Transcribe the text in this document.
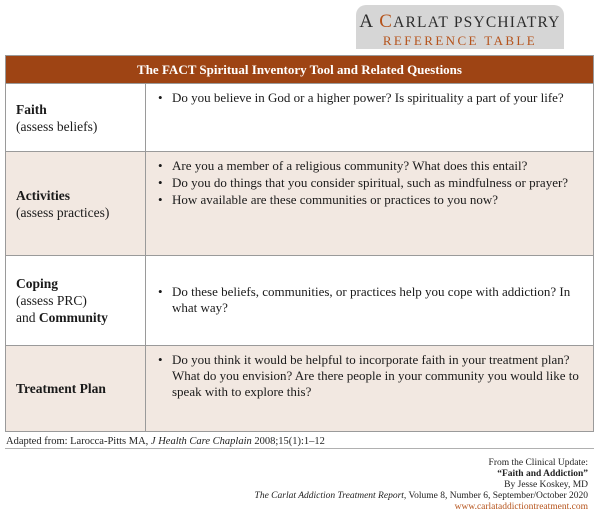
A CARLAT PSYCHIATRY
REFERENCE TABLE
The FACT Spiritual Inventory Tool and Related Questions
Faith
(assess beliefs)
• Do you believe in God or a higher power? Is spirituality a part of your life?
Activities
(assess practices)
• Are you a member of a religious community? What does this entail?
• Do you do things that you consider spiritual, such as mindfulness or prayer?
• How available are these communities or practices to you now?
Coping
(assess PRC)
and Community
• Do these beliefs, communities, or practices help you cope with addiction? In what way?
Treatment Plan
• Do you think it would be helpful to incorporate faith in your treatment plan? What do you envision? Are there people in your community you would like to speak with to explore this?
Adapted from: Larocca-Pitts MA, J Health Care Chaplain 2008;15(1):1–12
From the Clinical Update:
“Faith and Addiction”
By Jesse Koskey, MD
The Carlat Addiction Treatment Report, Volume 8, Number 6, September/October 2020
www.carlataddictiontreatment.com
